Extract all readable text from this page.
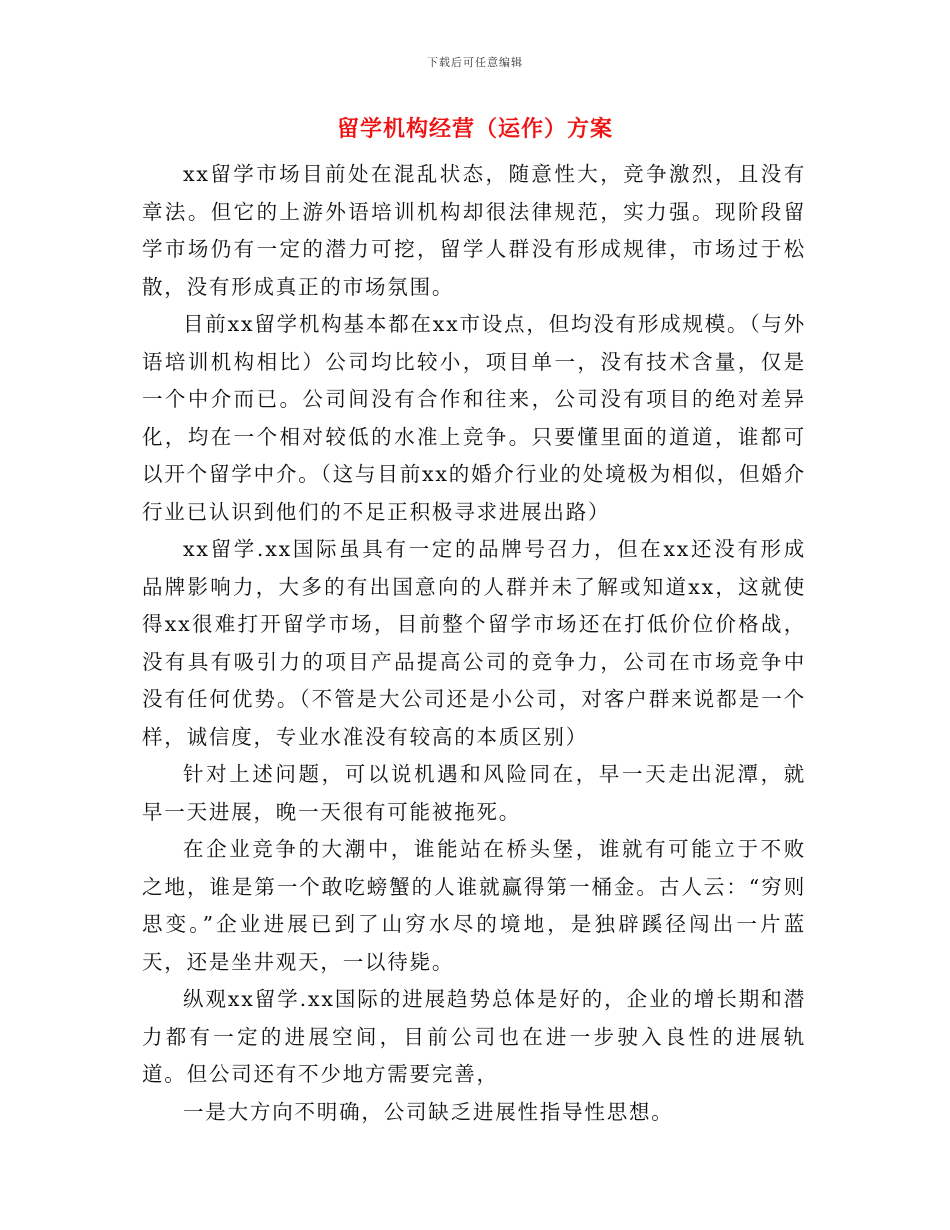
下载后可任意编辑
留学机构经营（运作）方案

xx留学市场目前处在混乱状态，随意性大，竞争激烈，且没有章法。但它的上游外语培训机构却很法律规范，实力强。现阶段留学市场仍有一定的潜力可挖，留学人群没有形成规律，市场过于松散，没有形成真正的市场氛围。

目前xx留学机构基本都在xx市设点，但均没有形成规模。（与外语培训机构相比）公司均比较小，项目单一，没有技术含量，仅是一个中介而已。公司间没有合作和往来，公司没有项目的绝对差异化，均在一个相对较低的水准上竞争。只要懂里面的道道，谁都可以开个留学中介。（这与目前xx的婚介行业的处境极为相似，但婚介行业已认识到他们的不足正积极寻求进展出路）

xx留学.xx国际虽具有一定的品牌号召力，但在xx还没有形成品牌影响力，大多的有出国意向的人群并未了解或知道xx，这就使得xx很难打开留学市场，目前整个留学市场还在打低价位价格战，没有具有吸引力的项目产品提高公司的竞争力，公司在市场竞争中没有任何优势。（不管是大公司还是小公司，对客户群来说都是一个样，诚信度，专业水准没有较高的本质区别）

针对上述问题，可以说机遇和风险同在，早一天走出泥潭，就早一天进展，晚一天很有可能被拖死。

在企业竞争的大潮中，谁能站在桥头堡，谁就有可能立于不败之地，谁是第一个敢吃螃蟹的人谁就赢得第一桶金。古人云：“穷则思变。”企业进展已到了山穷水尽的境地，是独辟蹊径闯出一片蓝天，还是坐井观天，一以待毙。

纵观xx留学.xx国际的进展趋势总体是好的，企业的增长期和潜力都有一定的进展空间，目前公司也在进一步驶入良性的进展轨道。但公司还有不少地方需要完善，

一是大方向不明确，公司缺乏进展性指导性思想。
